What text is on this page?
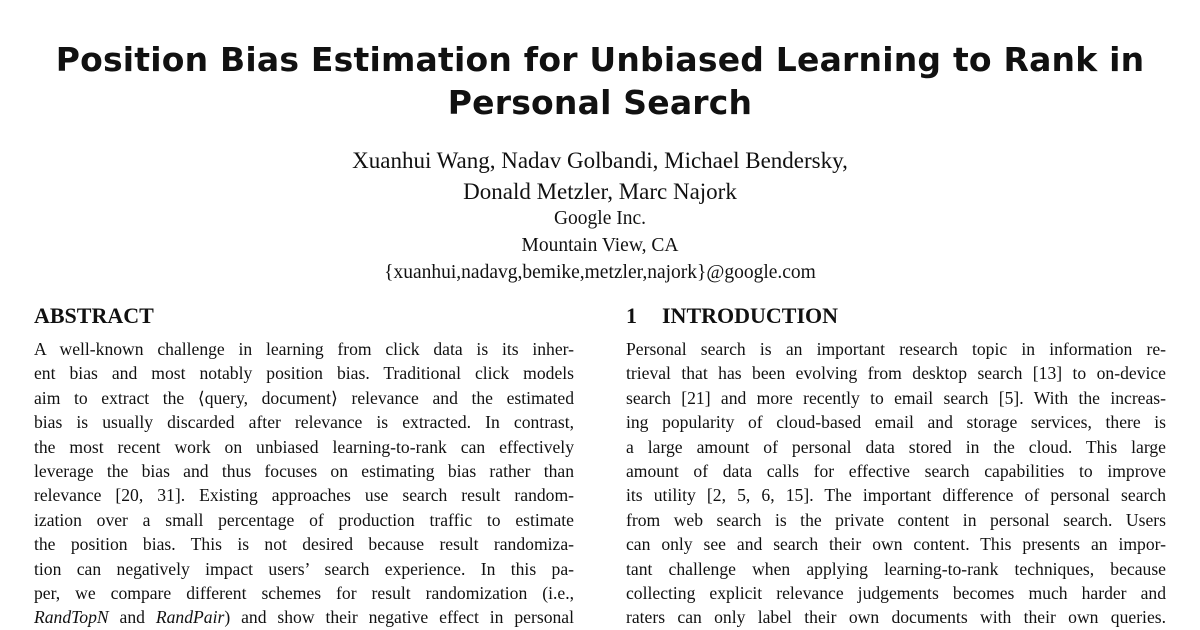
Position Bias Estimation for Unbiased Learning to Rank in
Personal Search
Xuanhui Wang, Nadav Golbandi, Michael Bendersky,
Donald Metzler, Marc Najork
Google Inc.
Mountain View, CA
{xuanhui,nadavg,bemike,metzler,najork}@google.com
ABSTRACT	1 INTRODUCTION
A well-known challenge in learning from click data is its inher-
ent bias and most notably position bias. Traditional click models
aim to extract the ⟨query, document⟩ relevance and the estimated
bias is usually discarded after relevance is extracted. In contrast,
the most recent work on unbiased learning-to-rank can effectively
leverage the bias and thus focuses on estimating bias rather than
relevance [20, 31]. Existing approaches use search result random-
ization over a small percentage of production traffic to estimate
the position bias. This is not desired because result randomiza-
tion can negatively impact users’ search experience. In this pa-
per, we compare different schemes for result randomization (i.e.,
RandTopN and RandPair) and show their negative effect in personal
Personal search is an important research topic in information re-
trieval that has been evolving from desktop search [13] to on-device
search [21] and more recently to email search [5]. With the increas-
ing popularity of cloud-based email and storage services, there is
a large amount of personal data stored in the cloud. This large
amount of data calls for effective search capabilities to improve
its utility [2, 5, 6, 15]. The important difference of personal search
from web search is the private content in personal search. Users
can only see and search their own content. This presents an impor-
tant challenge when applying learning-to-rank techniques, because
collecting explicit relevance judgements becomes much harder and
raters can only label their own documents with their own queries.
